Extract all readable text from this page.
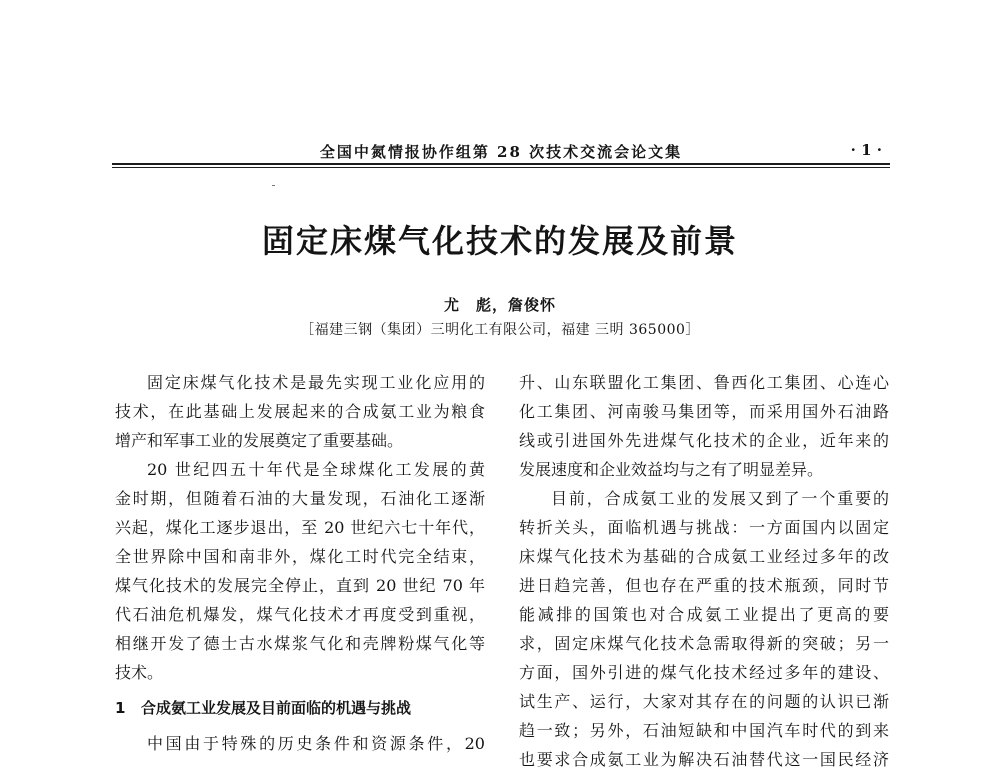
全国中氮情报协作组第 28 次技术交流会论文集	· 1 ·
固定床煤气化技术的发展及前景
尤　彪，詹俊怀
［福建三钢（集团）三明化工有限公司，福建 三明 365000］

固定床煤气化技术是最先实现工业化应用的

技术，在此基础上发展起来的合成氨工业为粮食

增产和军事工业的发展奠定了重要基础。

20 世纪四五十年代是全球煤化工发展的黄

金时期，但随着石油的大量发现，石油化工逐渐

兴起，煤化工逐步退出，至 20 世纪六七十年代，

全世界除中国和南非外，煤化工时代完全结束，

煤气化技术的发展完全停止，直到 20 世纪 70 年

代石油危机爆发，煤气化技术才再度受到重视，

相继开发了德士古水煤浆气化和壳牌粉煤气化等

技术。

1 合成氨工业发展及目前面临的机遇与挑战

中国由于特殊的历史条件和资源条件，20

升、山东联盟化工集团、鲁西化工集团、心连心

化工集团、河南骏马集团等，而采用国外石油路

线或引进国外先进煤气化技术的企业，近年来的

发展速度和企业效益均与之有了明显差异。

目前，合成氨工业的发展又到了一个重要的

转折关头，面临机遇与挑战：一方面国内以固定

床煤气化技术为基础的合成氨工业经过多年的改

进日趋完善，但也存在严重的技术瓶颈，同时节

能减排的国策也对合成氨工业提出了更高的要

求，固定床煤气化技术急需取得新的突破；另一

方面，国外引进的煤气化技术经过多年的建设、

试生产、运行，大家对其存在的问题的认识已渐

趋一致；另外，石油短缺和中国汽车时代的到来

也要求合成氨工业为解决石油替代这一国民经济
